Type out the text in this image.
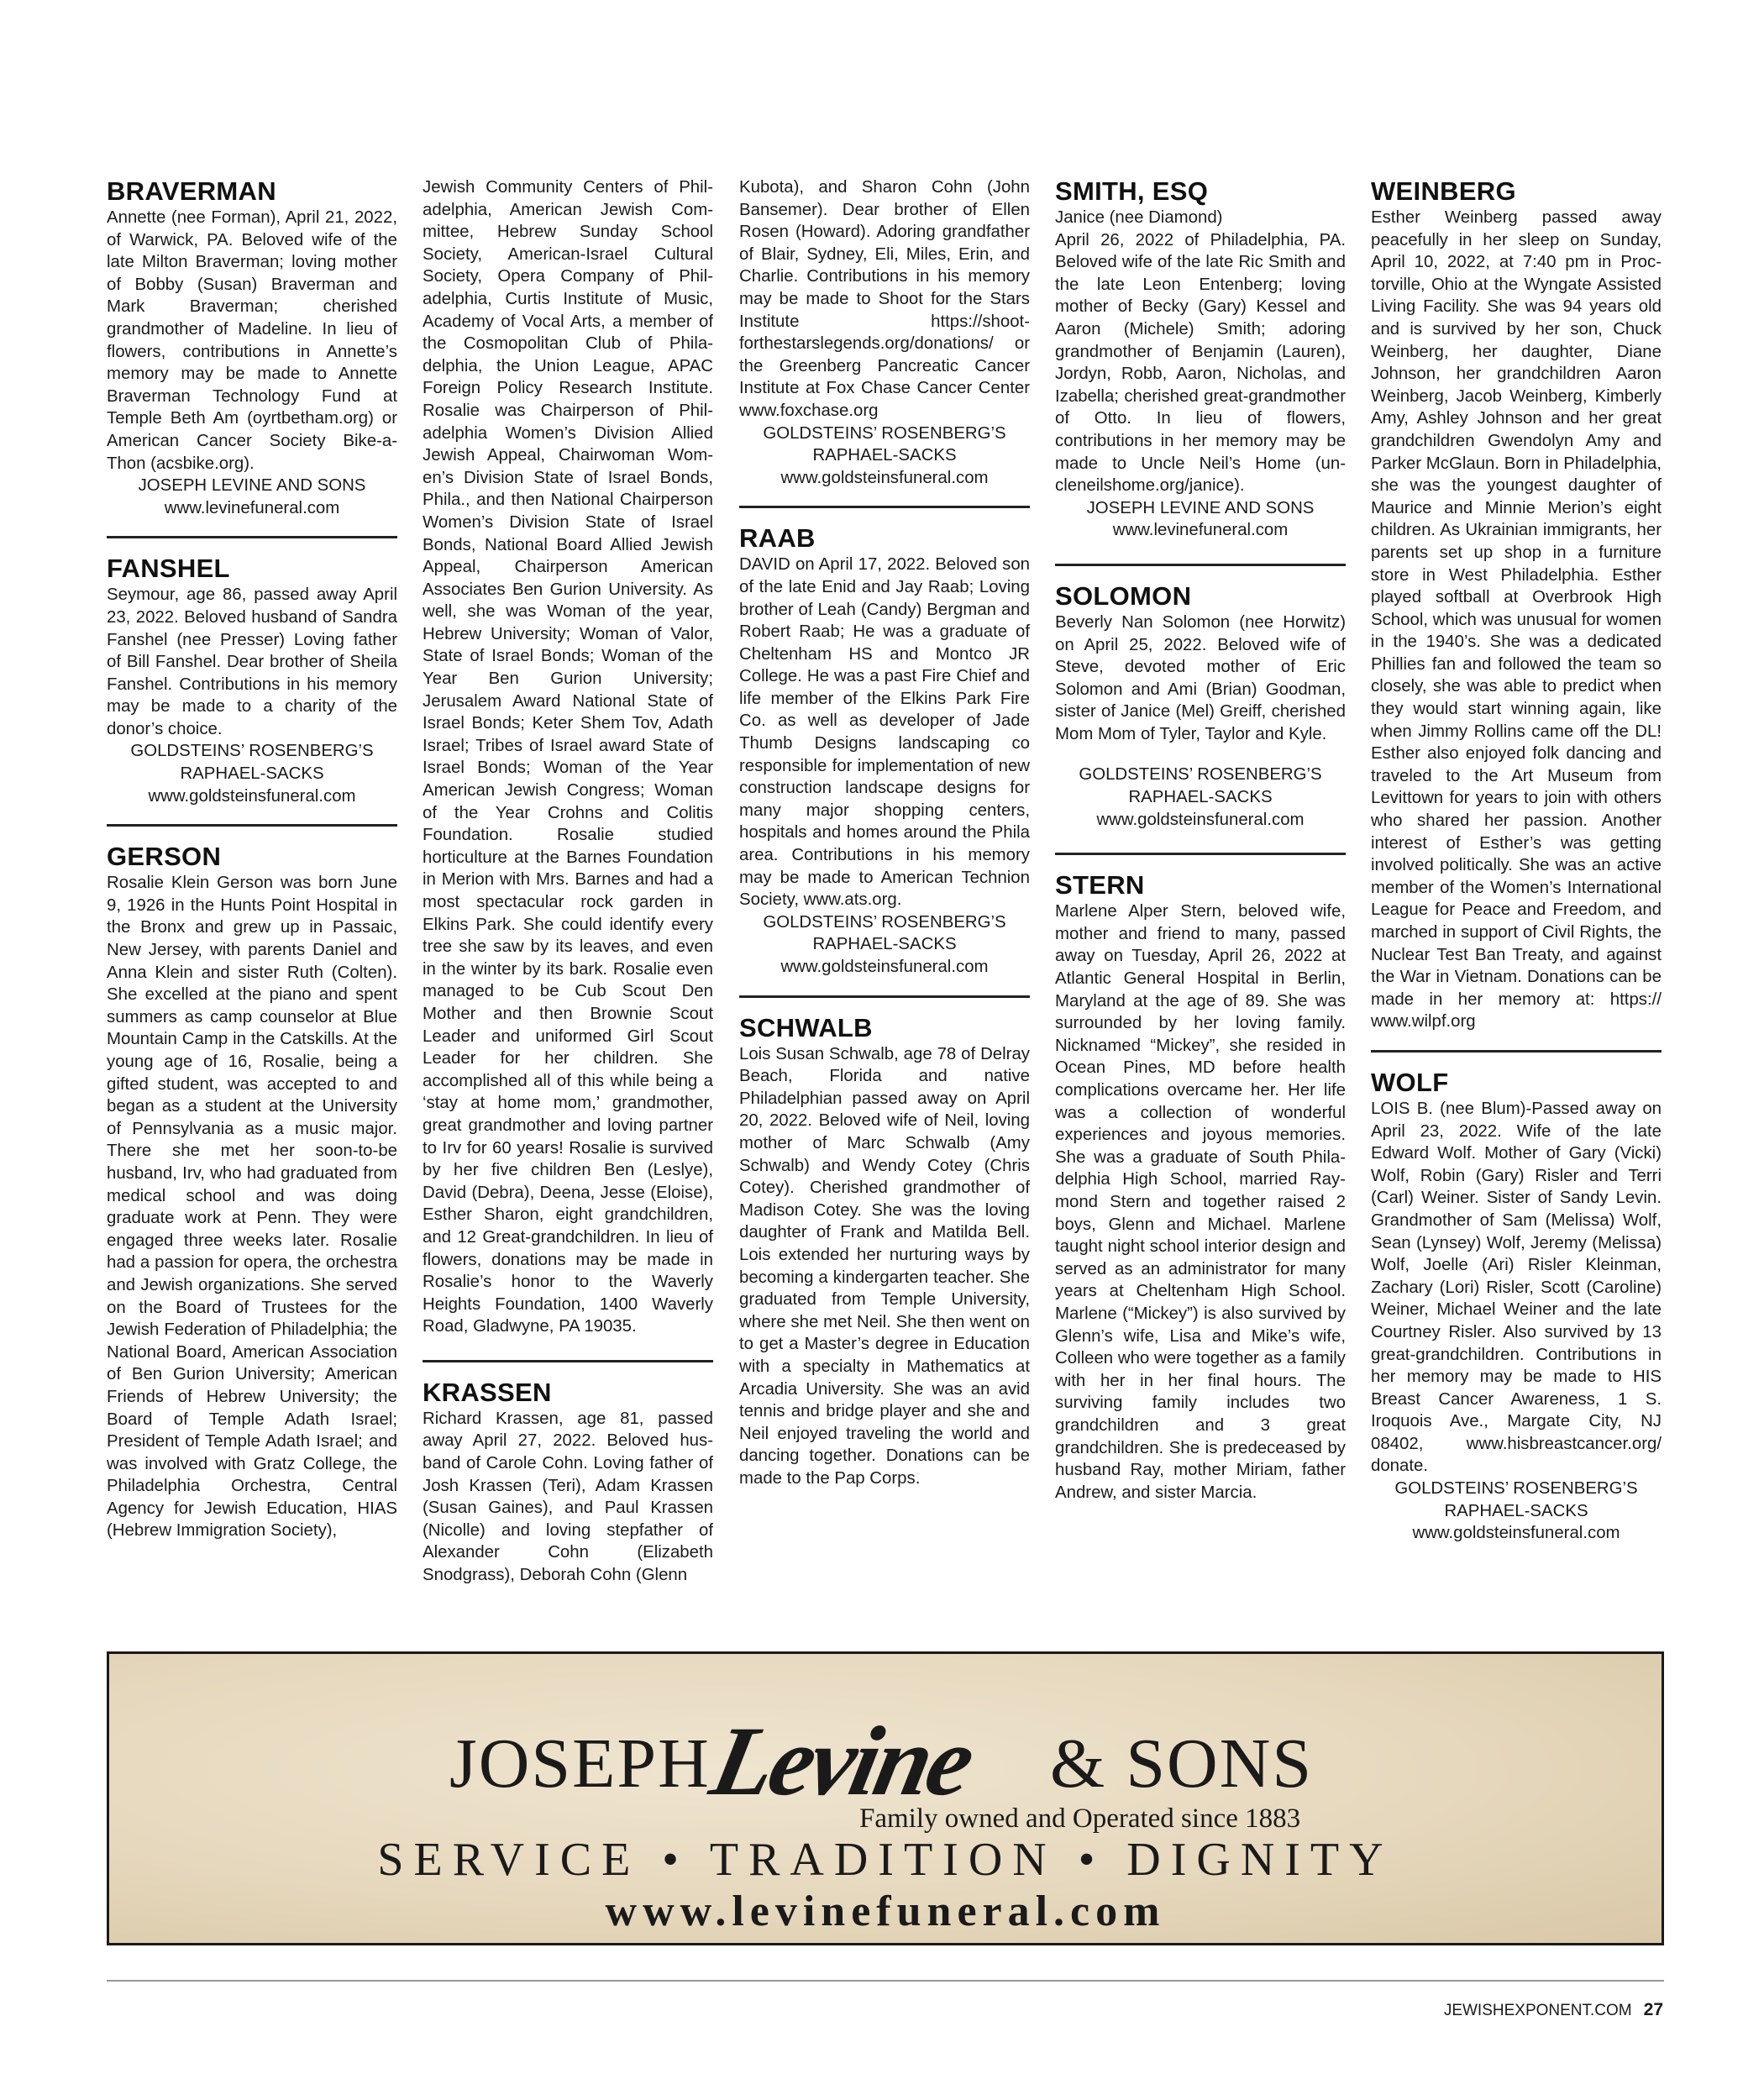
BRAVERMAN

Annette (nee Forman), April 21, 2022, of Warwick, PA. Beloved wife of the late Milton Braverman; loving mother of Bobby (Susan) Braverman and Mark Braverman; cherished grandmother of Madeline. In lieu of flowers, contributions in Annette’s memory may be made to Annette Braverman Technology Fund at Temple Beth Am (oyrtbetham.org) or American Cancer Society Bike-a-Thon (acsbike.org).

JOSEPH LEVINE AND SONS

www.levinefuneral.com

FANSHEL

Seymour, age 86, passed away April 23, 2022. Beloved husband of Sandra Fanshel (nee Presser) Loving father of Bill Fanshel. Dear brother of Sheila Fanshel. Contributions in his memory may be made to a charity of the donor’s choice.

GOLDSTEINS’ ROSENBERG’S

RAPHAEL-SACKS

www.goldsteinsfuneral.com

GERSON

Rosalie Klein Gerson was born June 9, 1926 in the Hunts Point Hospital in the Bronx and grew up in Passaic, New Jersey, with parents Daniel and Anna Klein and sister Ruth (Colten). She excelled at the piano and spent summers as camp counselor at Blue Mountain Camp in the Catskills. At the young age of 16, Rosalie, being a gifted student, was accepted to and began as a student at the University of Pennsylvania as a music major. There she met her soon-to-be husband, Irv, who had graduated from medical school and was doing graduate work at Penn. They were engaged three weeks later. Rosalie had a passion for opera, the orchestra and Jewish organizations. She served on the Board of Trustees for the Jewish Federation of Philadelphia; the National Board, American Association of Ben Gurion University; American Friends of Hebrew University; the Board of Temple Adath Israel; President of Temple Adath Israel; and was involved with Gratz College, the Philadelphia Orchestra, Central Agency for Jewish Education, HIAS (Hebrew Immigration Society),

Jewish Community Centers of Philadelphia, American Jewish Committee, Hebrew Sunday School Society, American-Israel Cultural Society, Opera Company of Philadelphia, Curtis Institute of Music, Academy of Vocal Arts, a member of the Cosmopolitan Club of Philadelphia, the Union League, APAC Foreign Policy Research Institute. Rosalie was Chairperson of Philadelphia Women’s Division Allied Jewish Appeal, Chairwoman Women’s Division State of Israel Bonds, Phila., and then National Chairperson Women’s Division State of Israel Bonds, National Board Allied Jewish Appeal, Chairperson American Associates Ben Gurion University. As well, she was Woman of the year, Hebrew University; Woman of Valor, State of Israel Bonds; Woman of the Year Ben Gurion University; Jerusalem Award National State of Israel Bonds; Keter Shem Tov, Adath Israel; Tribes of Israel award State of Israel Bonds; Woman of the Year American Jewish Congress; Woman of the Year Crohns and Colitis Foundation. Rosalie studied horticulture at the Barnes Foundation in Merion with Mrs. Barnes and had a most spectacular rock garden in Elkins Park. She could identify every tree she saw by its leaves, and even in the winter by its bark. Rosalie even managed to be Cub Scout Den Mother and then Brownie Scout Leader and uniformed Girl Scout Leader for her children. She accomplished all of this while being a ‘stay at home mom,’ grandmother, great grandmother and loving partner to Irv for 60 years! Rosalie is survived by her five children Ben (Leslye), David (Debra), Deena, Jesse (Eloise), Esther Sharon, eight grandchildren, and 12 Great-grandchildren. In lieu of flowers, donations may be made in Rosalie’s honor to the Waverly Heights Foundation, 1400 Waverly Road, Gladwyne, PA 19035.

KRASSEN

Richard Krassen, age 81, passed away April 27, 2022. Beloved husband of Carole Cohn. Loving father of Josh Krassen (Teri), Adam Krassen (Susan Gaines), and Paul Krassen (Nicolle) and loving stepfather of Alexander Cohn (Elizabeth Snodgrass), Deborah Cohn (Glenn

Kubota), and Sharon Cohn (John Bansemer). Dear brother of Ellen Rosen (Howard). Adoring grandfather of Blair, Sydney, Eli, Miles, Erin, and Charlie. Contributions in his memory may be made to Shoot for the Stars Institute https://shootforthestarslegends.org/donations/ or the Greenberg Pancreatic Cancer Institute at Fox Chase Cancer Center www.foxchase.org

GOLDSTEINS’ ROSENBERG’S

RAPHAEL-SACKS

www.goldsteinsfuneral.com

RAAB

DAVID on April 17, 2022. Beloved son of the late Enid and Jay Raab; Loving brother of Leah (Candy) Bergman and Robert Raab; He was a graduate of Cheltenham HS and Montco JR College. He was a past Fire Chief and life member of the Elkins Park Fire Co. as well as developer of Jade Thumb Designs landscaping co responsible for implementation of new construction landscape designs for many major shopping centers, hospitals and homes around the Phila area. Contributions in his memory may be made to American Technion Society, www.ats.org.

GOLDSTEINS’ ROSENBERG’S

RAPHAEL-SACKS

www.goldsteinsfuneral.com

SCHWALB

Lois Susan Schwalb, age 78 of Delray Beach, Florida and native Philadelphian passed away on April 20, 2022. Beloved wife of Neil, loving mother of Marc Schwalb (Amy Schwalb) and Wendy Cotey (Chris Cotey). Cherished grandmother of Madison Cotey. She was the loving daughter of Frank and Matilda Bell. Lois extended her nurturing ways by becoming a kindergarten teacher. She graduated from Temple University, where she met Neil. She then went on to get a Master’s degree in Education with a specialty in Mathematics at Arcadia University. She was an avid tennis and bridge player and she and Neil enjoyed traveling the world and dancing together. Donations can be made to the Pap Corps.

SMITH, ESQ

Janice (nee Diamond)

April 26, 2022 of Philadelphia, PA. Beloved wife of the late Ric Smith and the late Leon Entenberg; loving mother of Becky (Gary) Kessel and Aaron (Michele) Smith; adoring grandmother of Benjamin (Lauren), Jordyn, Robb, Aaron, Nicholas, and Izabella; cherished great-grandmother of Otto. In lieu of flowers, contributions in her memory may be made to Uncle Neil’s Home (uncleneilshome.org/janice).

JOSEPH LEVINE AND SONS

www.levinefuneral.com

SOLOMON

Beverly Nan Solomon (nee Horwitz) on April 25, 2022. Beloved wife of Steve, devoted mother of Eric Solomon and Ami (Brian) Goodman, sister of Janice (Mel) Greiff, cherished Mom Mom of Tyler, Taylor and Kyle.

GOLDSTEINS’ ROSENBERG’S

RAPHAEL-SACKS

www.goldsteinsfuneral.com

STERN

Marlene Alper Stern, beloved wife, mother and friend to many, passed away on Tuesday, April 26, 2022 at Atlantic General Hospital in Berlin, Maryland at the age of 89. She was surrounded by her loving family. Nicknamed “Mickey”, she resided in Ocean Pines, MD before health complications overcame her. Her life was a collection of wonderful experiences and joyous memories. She was a graduate of South Philadelphia High School, married Raymond Stern and together raised 2 boys, Glenn and Michael. Marlene taught night school interior design and served as an administrator for many years at Cheltenham High School. Marlene (“Mickey”) is also survived by Glenn’s wife, Lisa and Mike’s wife, Colleen who were together as a family with her in her final hours. The surviving family includes two grandchildren and 3 great grandchildren. She is predeceased by husband Ray, mother Miriam, father Andrew, and sister Marcia.

WEINBERG

Esther Weinberg passed away peacefully in her sleep on Sunday, April 10, 2022, at 7:40 pm in Proctorville, Ohio at the Wyngate Assisted Living Facility. She was 94 years old and is survived by her son, Chuck Weinberg, her daughter, Diane Johnson, her grandchildren Aaron Weinberg, Jacob Weinberg, Kimberly Amy, Ashley Johnson and her great grandchildren Gwendolyn Amy and Parker McGlaun. Born in Philadelphia, she was the youngest daughter of Maurice and Minnie Merion’s eight children. As Ukrainian immigrants, her parents set up shop in a furniture store in West Philadelphia. Esther played softball at Overbrook High School, which was unusual for women in the 1940’s. She was a dedicated Phillies fan and followed the team so closely, she was able to predict when they would start winning again, like when Jimmy Rollins came off the DL! Esther also enjoyed folk dancing and traveled to the Art Museum from Levittown for years to join with others who shared her passion. Another interest of Esther’s was getting involved politically. She was an active member of the Women’s International League for Peace and Freedom, and marched in support of Civil Rights, the Nuclear Test Ban Treaty, and against the War in Vietnam. Donations can be made in her memory at: https:// www.wilpf.org

WOLF

LOIS B. (nee Blum)-Passed away on April 23, 2022. Wife of the late Edward Wolf. Mother of Gary (Vicki) Wolf, Robin (Gary) Risler and Terri (Carl) Weiner. Sister of Sandy Levin. Grandmother of Sam (Melissa) Wolf, Sean (Lynsey) Wolf, Jeremy (Melissa) Wolf, Joelle (Ari) Risler Kleinman, Zachary (Lori) Risler, Scott (Caroline) Weiner, Michael Weiner and the late Courtney Risler. Also survived by 13 great-grandchildren. Contributions in her memory may be made to HIS Breast Cancer Awareness, 1 S. Iroquois Ave., Margate City, NJ 08402, www.hisbreastcancer.org/ donate.

GOLDSTEINS’ ROSENBERG’S

RAPHAEL-SACKS

www.goldsteinsfuneral.com

JOSEPH
Levine & SONS
Family owned and Operated since 1883
SERVICE • TRADITION • DIGNITY
www.levinefuneral.com
JEWISHEXPONENT.COM 27
